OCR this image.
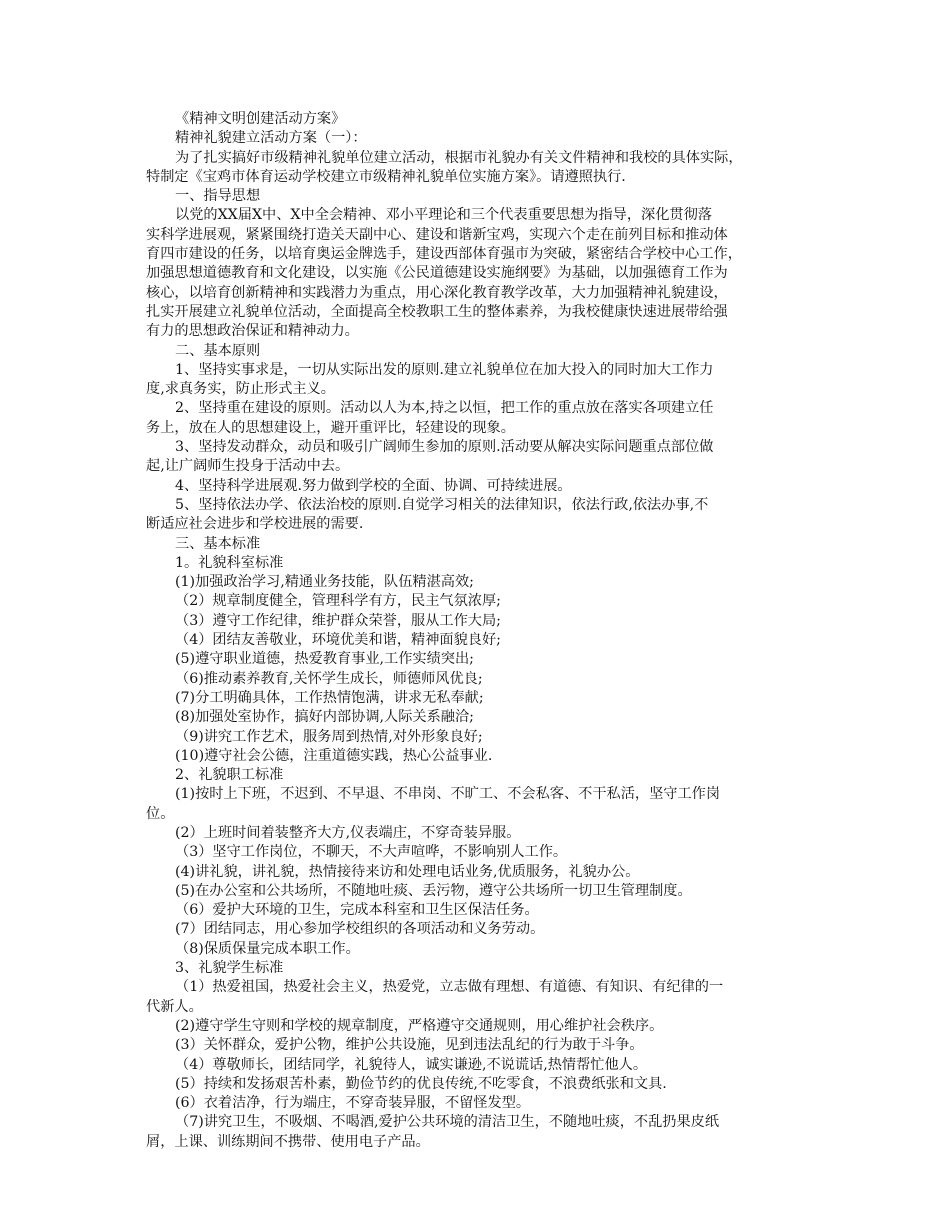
《精神文明创建活动方案》

精神礼貌建立活动方案（一）：

为了扎实搞好市级精神礼貌单位建立活动，根据市礼貌办有关文件精神和我校的具体实际，

特制定《宝鸡市体育运动学校建立市级精神礼貌单位实施方案》。请遵照执行.

一、指导思想

以党的XX届X中、X中全会精神、邓小平理论和三个代表重要思想为指导，深化贯彻落

实科学进展观，紧紧围绕打造关天副中心、建设和谐新宝鸡，实现六个走在前列目标和推动体

育四市建设的任务，以培育奥运金牌选手，建设西部体育强市为突破，紧密结合学校中心工作，

加强思想道德教育和文化建设，以实施《公民道德建设实施纲要》为基础，以加强德育工作为

核心，以培育创新精神和实践潜力为重点，用心深化教育教学改革，大力加强精神礼貌建设，

扎实开展建立礼貌单位活动，全面提高全校教职工生的整体素养，为我校健康快速进展带给强

有力的思想政治保证和精神动力。

二、基本原则

1、坚持实事求是，一切从实际出发的原则.建立礼貌单位在加大投入的同时加大工作力

度,求真务实，防止形式主义。

2、坚持重在建设的原则。活动以人为本,持之以恒，把工作的重点放在落实各项建立任

务上，放在人的思想建设上，避开重评比，轻建设的现象。

3、坚持发动群众，动员和吸引广阔师生参加的原则.活动要从解决实际问题重点部位做

起,让广阔师生投身于活动中去。

4、坚持科学进展观.努力做到学校的全面、协调、可持续进展。

5、坚持依法办学、依法治校的原则.自觉学习相关的法律知识，依法行政,依法办事,不

断适应社会进步和学校进展的需要.

三、基本标准

1。礼貌科室标准

(1)加强政治学习,精通业务技能，队伍精湛高效;

（2）规章制度健全，管理科学有方，民主气氛浓厚;

（3）遵守工作纪律，维护群众荣誉，服从工作大局;

（4）团结友善敬业，环境优美和谐，精神面貌良好;

(5)遵守职业道德，热爱教育事业,工作实绩突出;

（6)推动素养教育,关怀学生成长，师德师风优良;

(7)分工明确具体，工作热情饱满，讲求无私奉献;

(8)加强处室协作，搞好内部协调,人际关系融洽;

（9)讲究工作艺术，服务周到热情,对外形象良好;

(10)遵守社会公德，注重道德实践，热心公益事业.

2、礼貌职工标准

(1)按时上下班，不迟到、不早退、不串岗、不旷工、不会私客、不干私活，坚守工作岗

位。

(2）上班时间着装整齐大方,仪表端庄，不穿奇装异服。

（3）坚守工作岗位，不聊天，不大声喧哗，不影响别人工作。

(4)讲礼貌，讲礼貌，热情接待来访和处理电话业务,优质服务，礼貌办公。

(5)在办公室和公共场所，不随地吐痰、丢污物，遵守公共场所一切卫生管理制度。

（6）爱护大环境的卫生，完成本科室和卫生区保洁任务。

(7）团结同志，用心参加学校组织的各项活动和义务劳动。

（8)保质保量完成本职工作。

3、礼貌学生标准

（1）热爱祖国，热爱社会主义，热爱党，立志做有理想、有道德、有知识、有纪律的一

代新人。

(2)遵守学生守则和学校的规章制度，严格遵守交通规则，用心维护社会秩序。

(3）关怀群众，爱护公物，维护公共设施，见到违法乱纪的行为敢于斗争。

（4）尊敬师长，团结同学，礼貌待人，诚实谦逊,不说谎话,热情帮忙他人。

(5）持续和发扬艰苦朴素，勤俭节约的优良传统,不吃零食，不浪费纸张和文具.

(6）衣着洁净，行为端庄，不穿奇装异服，不留怪发型。

（7)讲究卫生，不吸烟、不喝酒,爱护公共环境的清洁卫生，不随地吐痰，不乱扔果皮纸

屑，上课、训练期间不携带、使用电子产品。
